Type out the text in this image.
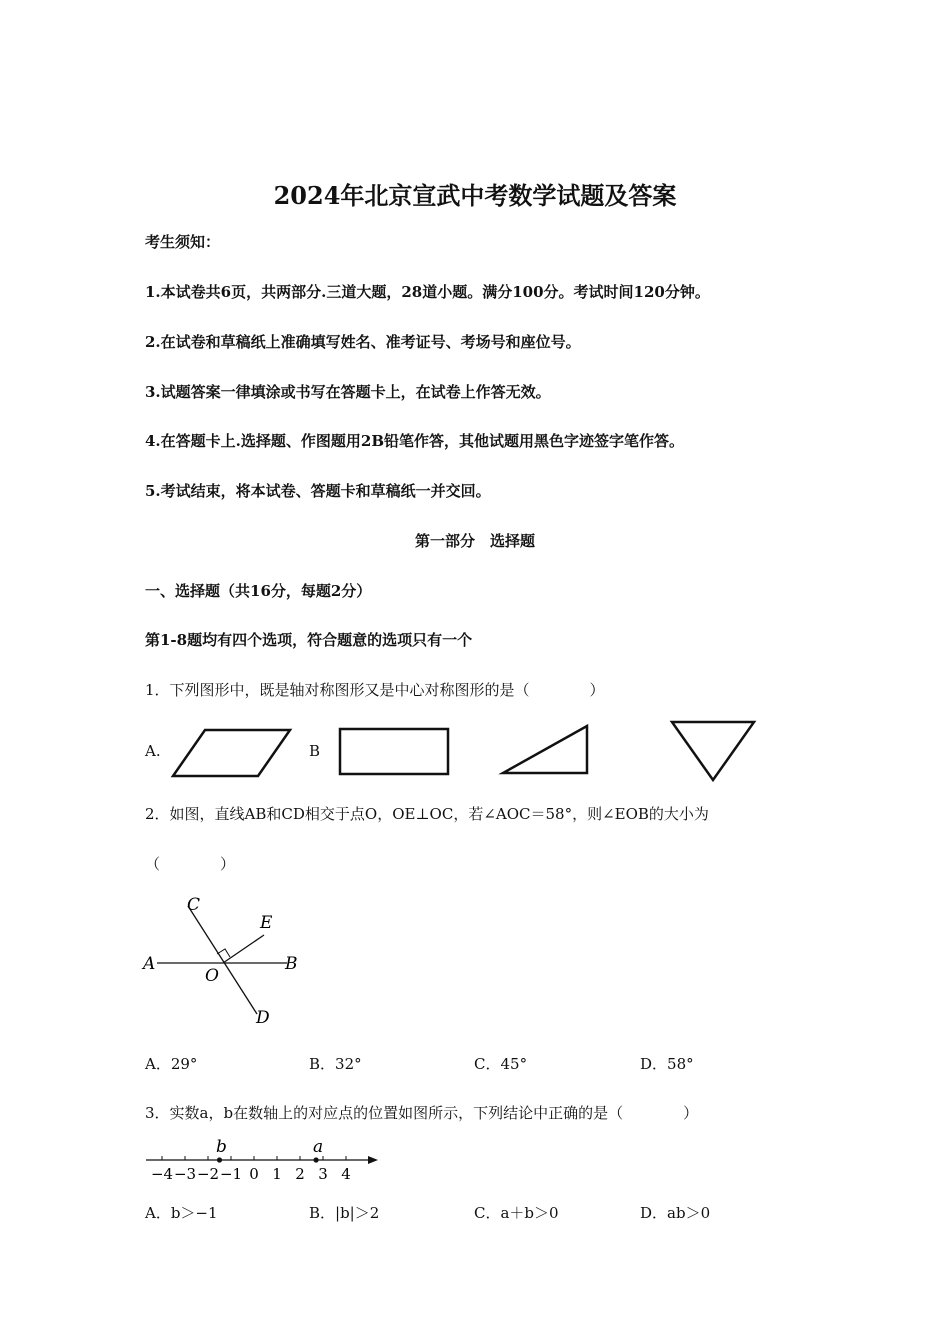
2024年北京宣武中考数学试题及答案
考生须知：
1.本试卷共6页，共两部分.三道大题，28道小题。满分100分。考试时间120分钟。
2.在试卷和草稿纸上准确填写姓名、准考证号、考场号和座位号。
3.试题答案一律填涂或书写在答题卡上，在试卷上作答无效。
4.在答题卡上.选择题、作图题用2B铅笔作答，其他试题用黑色字迹签字笔作答。
5.考试结束，将本试卷、答题卡和草稿纸一并交回。
第一部分　选择题
一、选择题（共16分，每题2分）
第1-8题均有四个选项，符合题意的选项只有一个
1．下列图形中，既是轴对称图形又是中心对称图形的是（　　　　）
A.	B
2．如图，直线AB和CD相交于点O，OE⊥OC，若∠AOC＝58°，则∠EOB的大小为
（　　　　）
C
E
A
O
B
D
A．29°	B．32°	C．45°	D．58°
3．实数a，b在数轴上的对应点的位置如图所示，下列结论中正确的是（　　　　）
−4 −3 −2 −1 0 1 2 3 4
b	a
A．b＞−1	B．|b|＞2	C．a＋b＞0	D．ab＞0
